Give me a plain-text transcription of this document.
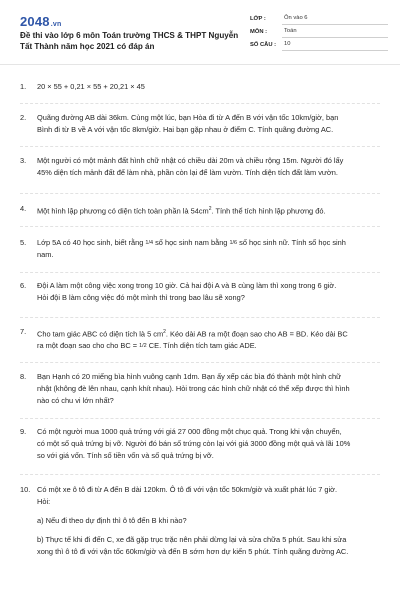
2048.vn
Đề thi vào lớp 6 môn Toán trường THCS & THPT Nguyễn
Tất Thành năm học 2021 có đáp án
LỚP :	Ôn vào 6
MÔN :	Toán
SỐ CÂU :	10
1.	20 × 55 + 0,21 × 55 + 20,21 × 45
2.	Quãng đường AB dài 36km. Cùng một lúc, bạn Hòa đi từ A đến B với vận tốc 10km/giờ, bạn
Bình đi từ B về A với vận tốc 8km/giờ. Hai bạn gặp nhau ở điểm C. Tính quãng đường AC.
3.	Một người có một mảnh đất hình chữ nhật có chiều dài 20m và chiều rộng 15m. Người đó lấy
45% diện tích mảnh đất để làm nhà, phần còn lại để làm vườn. Tính diện tích đất làm vườn.
4.	Một hình lập phương có diện tích toàn phần là $54cm^2$. Tính thể tích hình lập phương đó.
5.	Lớp 5A có 40 học sinh, biết rằng 1/4 số học sinh nam bằng 1/6 số học sinh nữ. Tính số học sinh
nam.
6.	Đội A làm một công việc xong trong 10 giờ. Cả hai đội A và B cùng làm thì xong trong 6 giờ.
Hỏi đội B làm công việc đó một mình thì trong bao lâu sẽ xong?
7.	Cho tam giác ABC có diện tích là 5 $cm^2$. Kéo dài AB ra một đoạn sao cho AB = BD. Kéo dài BC
ra một đoạn sao cho cho BC = 1/2 CE. Tính diện tích tam giác ADE.
8.	Bạn Hạnh có 20 miếng bìa hình vuông cạnh 1dm. Bạn ấy xếp các bìa đó thành một hình chữ
nhật (không đè lên nhau, cạnh khít nhau). Hỏi trong các hình chữ nhật có thể xếp được thì hình
nào có chu vi lớn nhất?
9.	Có một người mua 1000 quả trứng với giá 27 000 đồng một chục quả. Trong khi vận chuyển,
có một số quả trứng bị vỡ. Người đó bán số trứng còn lại với giá 3000 đồng một quả và lãi 10%
so với giá vốn. Tính số tiền vốn và số quả trứng bị vỡ.
10. Có một xe ô tô đi từ A đến B dài 120km. Ô tô đi với vận tốc 50km/giờ và xuất phát lúc 7 giờ.
Hỏi:
a) Nếu đi theo dự định thì ô tô đến B khi nào?
b) Thực tế khi đi đến C, xe đã gặp trục trặc nên phải dừng lại và sửa chữa 5 phút. Sau khi sửa
xong thì ô tô đi với vận tốc 60km/giờ và đến B sớm hơn dự kiến 5 phút. Tính quãng đường AC.
